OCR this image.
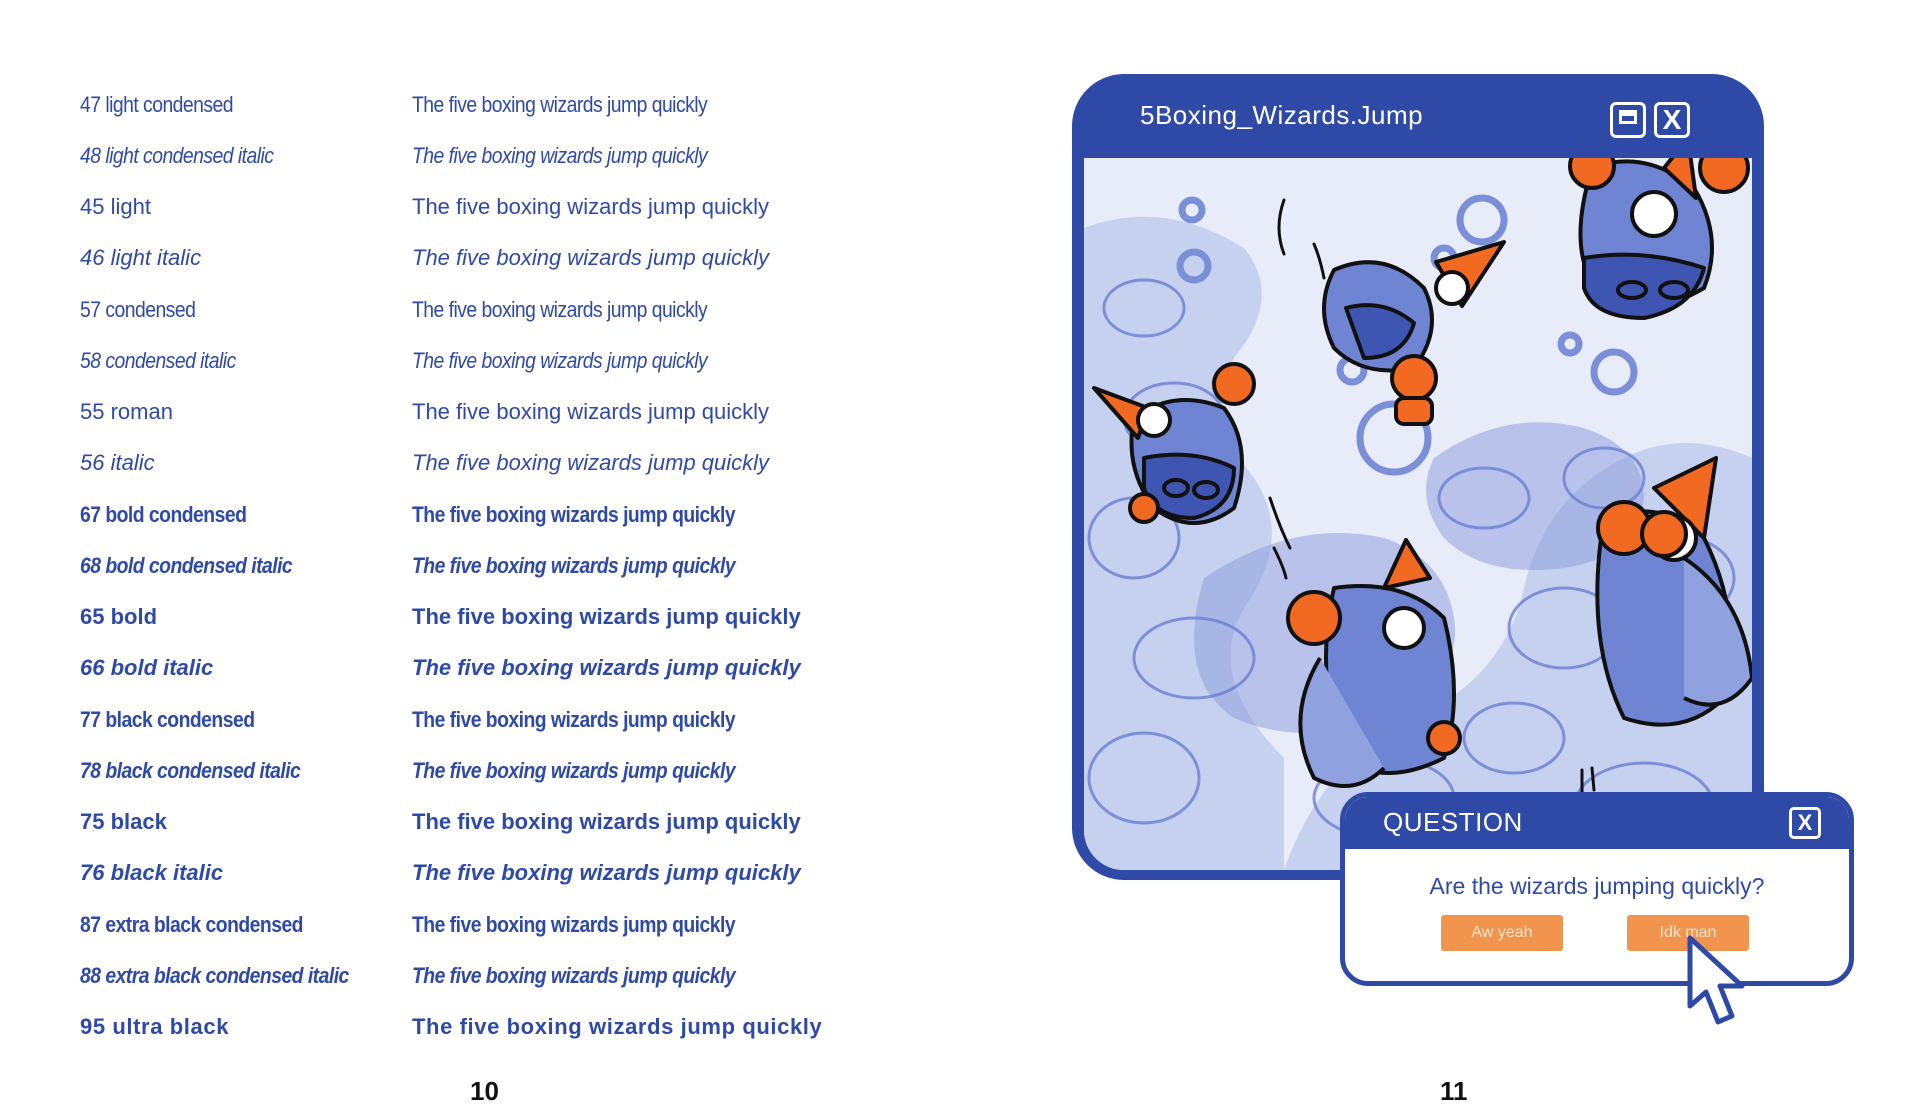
47 light condensed	The five boxing wizards jump quickly
48 light condensed italic	The five boxing wizards jump quickly
45 light	The five boxing wizards jump quickly
46 light italic	The five boxing wizards jump quickly
57 condensed	The five boxing wizards jump quickly
58 condensed italic	The five boxing wizards jump quickly
55 roman	The five boxing wizards jump quickly
56 italic	The five boxing wizards jump quickly
67 bold condensed	The five boxing wizards jump quickly
68 bold condensed italic	The five boxing wizards jump quickly
65 bold	The five boxing wizards jump quickly
66 bold italic	The five boxing wizards jump quickly
77 black condensed	The five boxing wizards jump quickly
78 black condensed italic	The five boxing wizards jump quickly
75 black	The five boxing wizards jump quickly
76 black italic	The five boxing wizards jump quickly
87 extra black condensed	The five boxing wizards jump quickly
88 extra black condensed italic	The five boxing wizards jump quickly
95 ultra black	The five boxing wizards jump quickly
10	11
5Boxing_Wizards.Jump	X
QUESTION	X
Are the wizards jumping quickly?
Aw yeah	Idk man
